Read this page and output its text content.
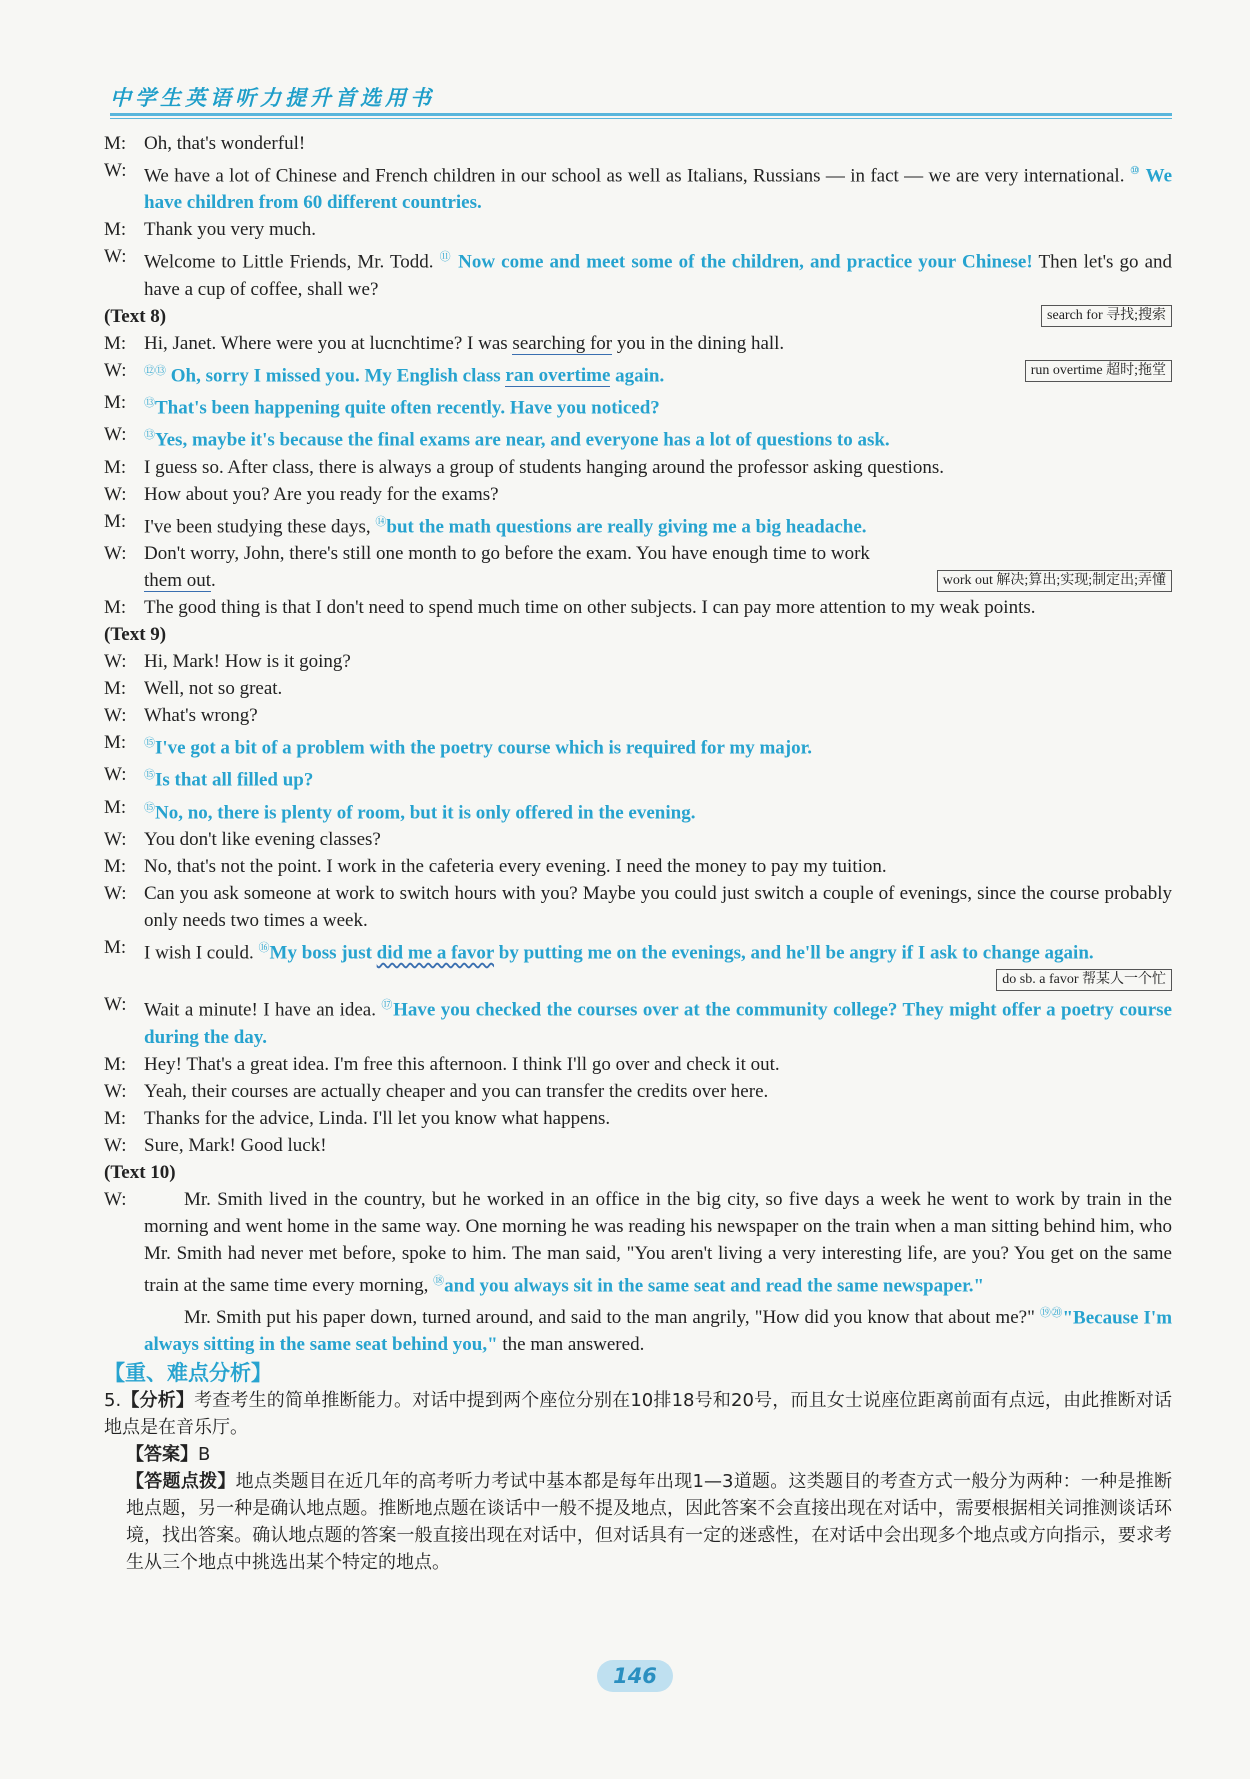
中学生英语听力提升首选用书
M: Oh, that's wonderful!
W: We have a lot of Chinese and French children in our school as well as Italians, Russians — in fact — we are very international. ⑩ We have children from 60 different countries.
M: Thank you very much.
W: Welcome to Little Friends, Mr. Todd. ⑪ Now come and meet some of the children, and practice your Chinese! Then let's go and have a cup of coffee, shall we?
(Text 8)	search for 寻找;搜索
M: Hi, Janet. Where were you at lucnchtime? I was searching for you in the dining hall.
W:	run overtime 超时;拖堂
⑫⑬ Oh, sorry I missed you. My English class ran overtime again.
M:	⑬That's been happening quite often recently. Have you noticed?
W:	⑬Yes, maybe it's because the final exams are near, and everyone has a lot of questions to ask.
M: I guess so. After class, there is always a group of students hanging around the professor asking questions.
W: How about you? Are you ready for the exams?
M: I've been studying these days, ⑭but the math questions are really giving me a big headache.
W: Don't worry, John, there's still one month to go before the exam. You have enough time to work
them out.	work out 解决;算出;实现;制定出;弄懂
M: The good thing is that I don't need to spend much time on other subjects. I can pay more attention to my weak points.
(Text 9)
W: Hi, Mark! How is it going?
M: Well, not so great.
W: What's wrong?
M:	⑮I've got a bit of a problem with the poetry course which is required for my major.
W:	⑮Is that all filled up?
M:	⑮No, no, there is plenty of room, but it is only offered in the evening.
W: You don't like evening classes?
M: No, that's not the point. I work in the cafeteria every evening. I need the money to pay my tuition.
W: Can you ask someone at work to switch hours with you? Maybe you could just switch a couple of evenings, since the course probably only needs two times a week.
M: I wish I could. ⑯My boss just did me a favor by putting me on the evenings, and he'll be angry if I ask to change again.
do sb. a favor 帮某人一个忙
W: Wait a minute! I have an idea. ⑰Have you checked the courses over at the community college? They might offer a poetry course during the day.
M: Hey! That's a great idea. I'm free this afternoon. I think I'll go over and check it out.
W: Yeah, their courses are actually cheaper and you can transfer the credits over here.
M: Thanks for the advice, Linda. I'll let you know what happens.
W: Sure, Mark! Good luck!
(Text 10)
W:	Mr. Smith lived in the country, but he worked in an office in the big city, so five days a week he went to work by train in the morning and went home in the same way. One morning he was reading his newspaper on the train when a man sitting behind him, who Mr. Smith had never met before, spoke to him. The man said, "You aren't living a very interesting life, are you? You get on the same train at the same time every morning, ⑱and you always sit in the same seat and read the same newspaper."
Mr. Smith put his paper down, turned around, and said to the man angrily, "How did you know that about me?" ⑲⑳"Because I'm always sitting in the same seat behind you," the man answered.
【重、难点分析】
5.【分析】考查考生的简单推断能力。对话中提到两个座位分别在10排18号和20号，而且女士说座位距离前面有点远，由此推断对话地点是在音乐厅。
【答案】B
【答题点拨】地点类题目在近几年的高考听力考试中基本都是每年出现1—3道题。这类题目的考查方式一般分为两种：一种是推断地点题，另一种是确认地点题。推断地点题在谈话中一般不提及地点，因此答案不会直接出现在对话中，需要根据相关词推测谈话环境，找出答案。确认地点题的答案一般直接出现在对话中，但对话具有一定的迷惑性，在对话中会出现多个地点或方向指示，要求考生从三个地点中挑选出某个特定的地点。
146
